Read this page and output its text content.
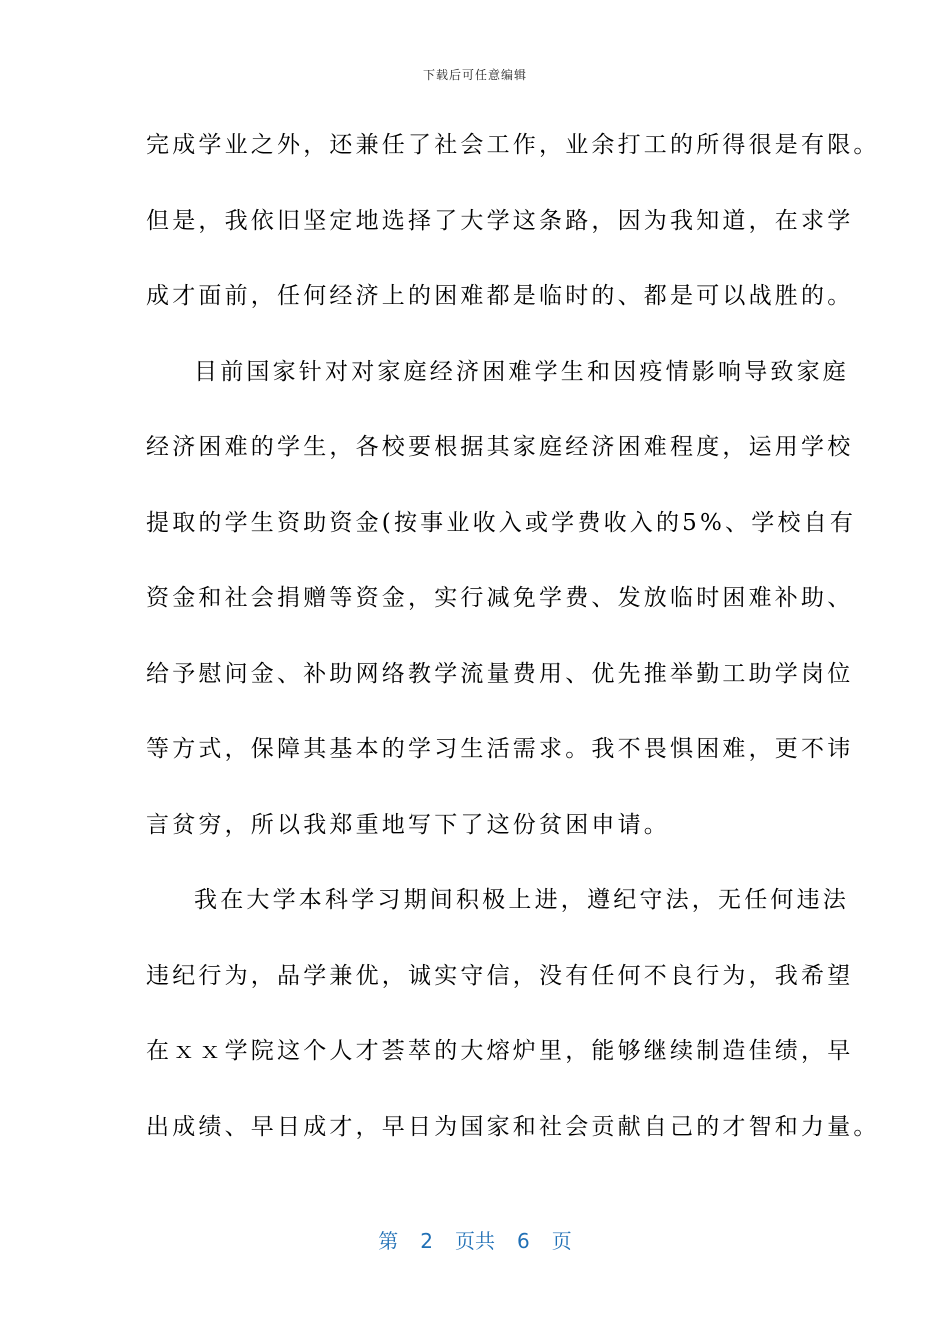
下载后可任意编辑
完成学业之外，还兼任了社会工作，业余打工的所得很是有限。
但是，我依旧坚定地选择了大学这条路，因为我知道，在求学
成才面前，任何经济上的困难都是临时的、都是可以战胜的。
目前国家针对对家庭经济困难学生和因疫情影响导致家庭
经济困难的学生，各校要根据其家庭经济困难程度，运用学校
提取的学生资助资金(按事业收入或学费收入的5%、学校自有
资金和社会捐赠等资金，实行减免学费、发放临时困难补助、
给予慰问金、补助网络教学流量费用、优先推举勤工助学岗位
等方式，保障其基本的学习生活需求。我不畏惧困难，更不讳
言贫穷，所以我郑重地写下了这份贫困申请。
我在大学本科学习期间积极上进，遵纪守法，无任何违法
违纪行为，品学兼优，诚实守信，没有任何不良行为，我希望
在ｘｘ学院这个人才荟萃的大熔炉里，能够继续制造佳绩，早
出成绩、早日成才，早日为国家和社会贡献自己的才智和力量。
第 2 页共 6 页
